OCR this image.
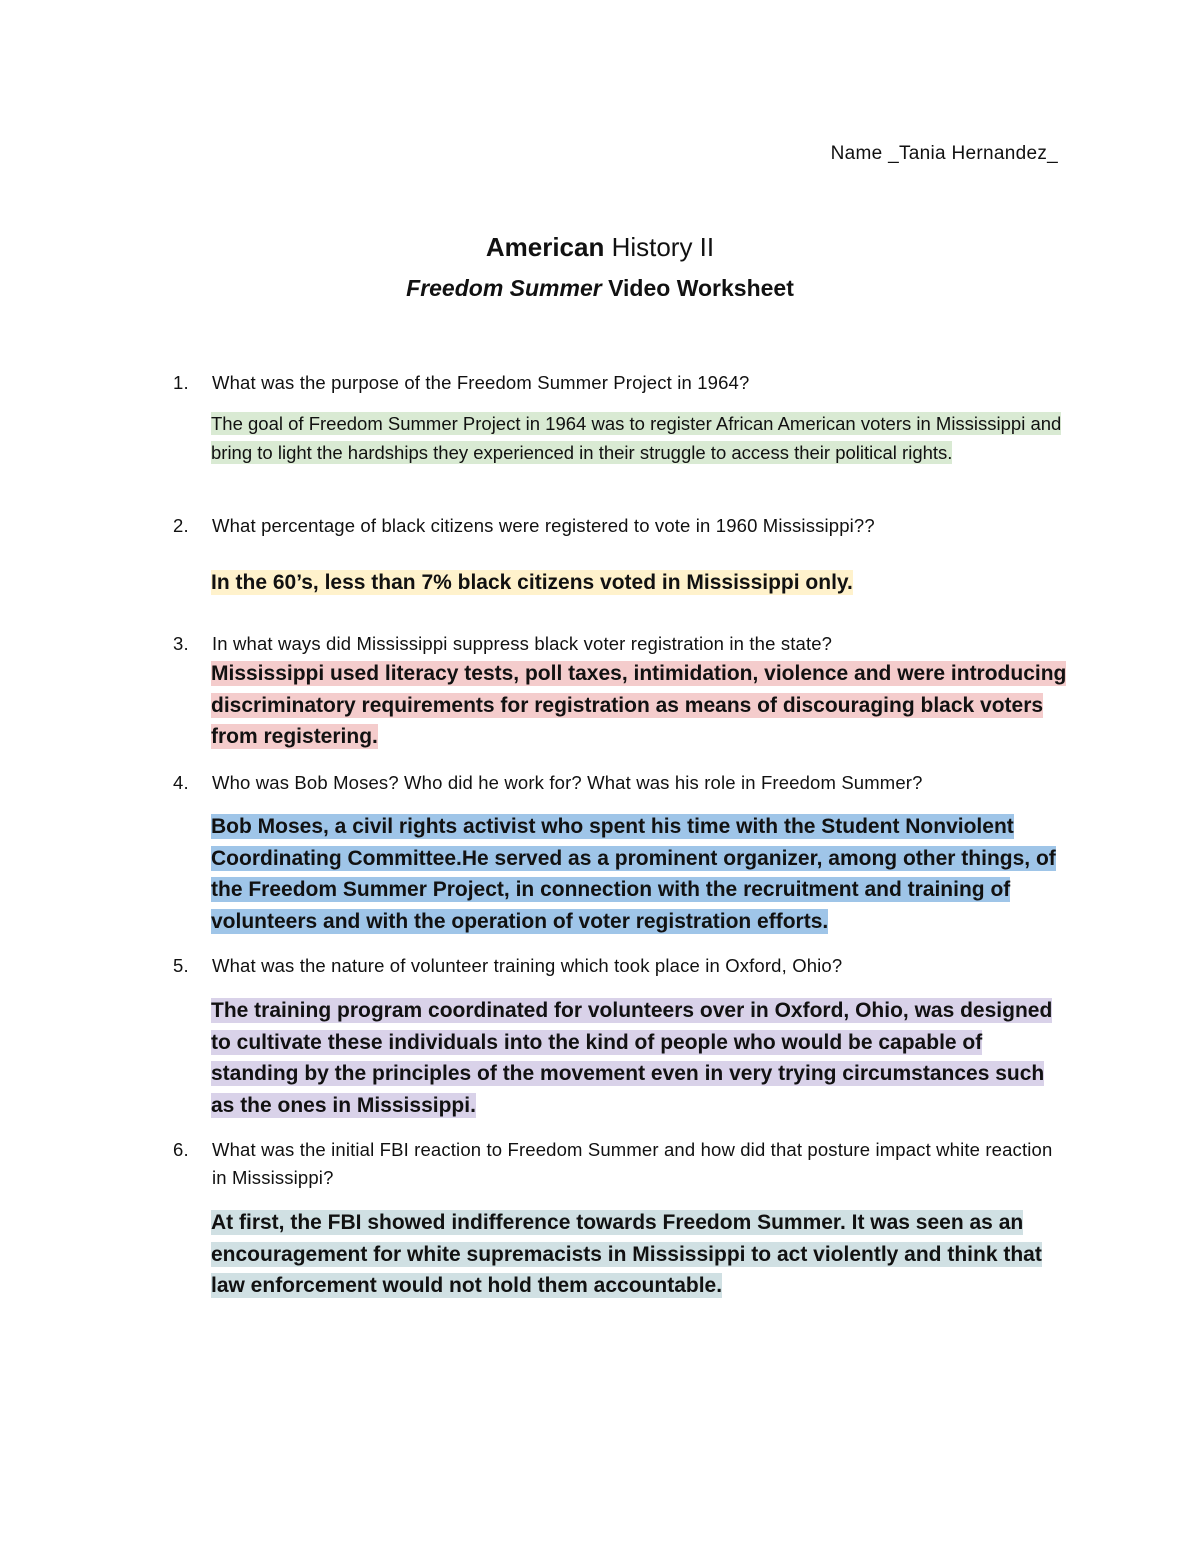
Name _Tania Hernandez_
American History II
Freedom Summer Video Worksheet
1.	What was the purpose of the Freedom Summer Project in 1964?
The goal of Freedom Summer Project in 1964 was to register African American voters in Mississippi and bring to light the hardships they experienced in their struggle to access their political rights.
2.	What percentage of black citizens were registered to vote in 1960 Mississippi??
In the 60’s, less than 7% black citizens voted in Mississippi only.
3.	In what ways did Mississippi suppress black voter registration in the state?
Mississippi used literacy tests, poll taxes, intimidation, violence and were introducing discriminatory requirements for registration as means of discouraging black voters from registering.
4.	Who was Bob Moses? Who did he work for? What was his role in Freedom Summer?
Bob Moses, a civil rights activist who spent his time with the Student Nonviolent Coordinating Committee.He served as a prominent organizer, among other things, of the Freedom Summer Project, in connection with the recruitment and training of volunteers and with the operation of voter registration efforts.
5.	What was the nature of volunteer training which took place in Oxford, Ohio?
The training program coordinated for volunteers over in Oxford, Ohio, was designed to cultivate these individuals into the kind of people who would be capable of standing by the principles of the movement even in very trying circumstances such as the ones in Mississippi.
6.	What was the initial FBI reaction to Freedom Summer and how did that posture impact white reaction in Mississippi?
At first, the FBI showed indifference towards Freedom Summer. It was seen as an encouragement for white supremacists in Mississippi to act violently and think that law enforcement would not hold them accountable.
